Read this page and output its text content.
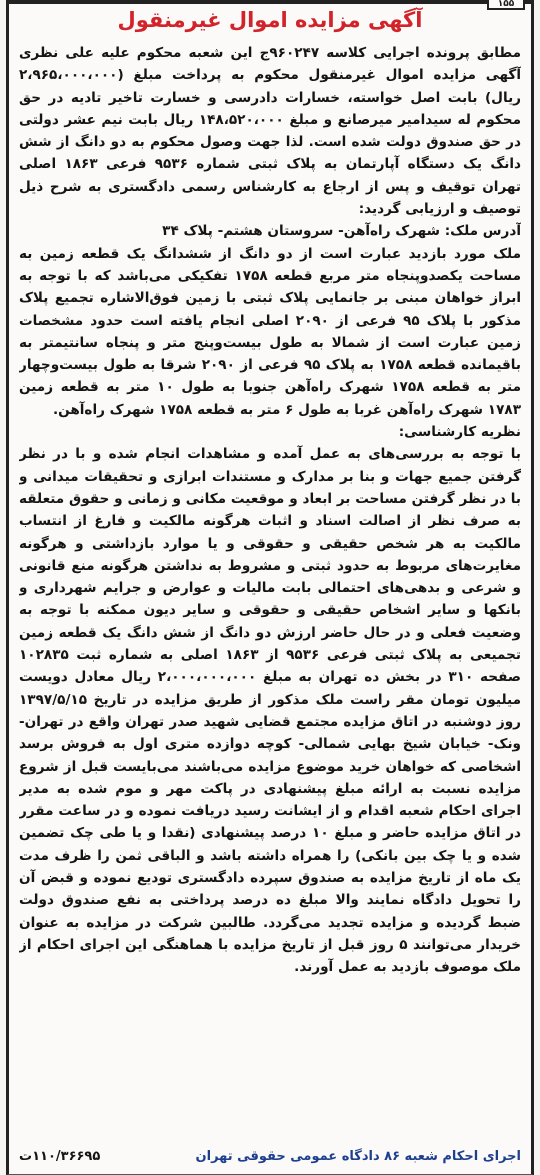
۱۵۵
آگهی مزایده اموال غیرمنقول

مطابق پرونده اجرایی کلاسه ۹۶۰۲۴۷ج این شعبه محکوم علیه علی نظری آگهی مزایده اموال غیرمنقول محکوم به پرداخت مبلغ (۲،۹۶۵،۰۰۰،۰۰۰ ریال) بابت اصل خواسته، خسارات دادرسی و خسارت تاخیر تادیه در حق محکوم له سیدامیر میرصانع و مبلغ ۱۴۸،۵۲۰،۰۰۰ ریال بابت نیم عشر دولتی در حق صندوق دولت شده است. لذا جهت وصول محکوم به دو دانگ از شش دانگ یک دستگاه آپارتمان به پلاک ثبتی شماره ۹۵۳۶ فرعی ۱۸۶۳ اصلی تهران توقیف و پس از ارجاع به کارشناس رسمی دادگستری به شرح ذیل توصیف و ارزیابی گردید:

آدرس ملک: شهرک راه‌آهن- سروستان هشتم- پلاک ۳۴

ملک مورد بازدید عبارت است از دو دانگ از ششدانگ یک قطعه زمین به مساحت یکصدوپنجاه متر مربع قطعه ۱۷۵۸ تفکیکی می‌باشد که با توجه به ابراز خواهان مبنی بر جانمایی پلاک ثبتی با زمین فوق‌الاشاره تجمیع پلاک مذکور با پلاک ۹۵ فرعی از ۲۰۹۰ اصلی انجام یافته است حدود مشخصات زمین عبارت است از شمالا به طول بیست‌وپنج متر و پنجاه سانتیمتر به باقیمانده قطعه ۱۷۵۸ به پلاک ۹۵ فرعی از ۲۰۹۰ شرقا به طول بیست‌وچهار متر به قطعه ۱۷۵۸ شهرک راه‌آهن جنوبا به طول ۱۰ متر به قطعه زمین ۱۷۸۳ شهرک راه‌آهن غربا به طول ۶ متر به قطعه ۱۷۵۸ شهرک راه‌آهن.

نظریه کارشناسی:

با توجه به بررسی‌های به عمل آمده و مشاهدات انجام شده و با در نظر گرفتن جمیع جهات و بنا بر مدارک و مستندات ابرازی و تحقیقات میدانی و با در نظر گرفتن مساحت بر ابعاد و موقعیت مکانی و زمانی و حقوق متعلقه به صرف نظر از اصالت اسناد و اثبات هرگونه مالکیت و فارغ از انتساب مالکیت به هر شخص حقیقی و حقوقی و یا موارد بازداشتی و هرگونه مغایرت‌های مربوط به حدود ثبتی و مشروط به نداشتن هرگونه منع قانونی و شرعی و بدهی‌های احتمالی بابت مالیات و عوارض و جرایم شهرداری و بانکها و سایر اشخاص حقیقی و حقوقی و سایر دیون ممکنه با توجه به وضعیت فعلی و در حال حاضر ارزش دو دانگ از شش دانگ یک قطعه زمین تجمیعی به پلاک ثبتی فرعی ۹۵۳۶ از ۱۸۶۳ اصلی به شماره ثبت ۱۰۲۸۳۵ صفحه ۳۱۰ در بخش ده تهران به مبلغ ۲،۰۰۰،۰۰۰،۰۰۰ ریال معادل دویست میلیون تومان مقر راست ملک مذکور از طریق مزایده در تاریخ ۱۳۹۷/۵/۱۵ روز دوشنبه در اتاق مزایده مجتمع قضایی شهید صدر تهران واقع در تهران- ونک- خیابان شیخ بهایی شمالی- کوچه دوازده متری اول به فروش برسد اشخاصی که خواهان خرید موضوع مزایده می‌باشند می‌بایست قبل از شروع مزایده نسبت به ارائه مبلغ پیشنهادی در پاکت مهر و موم شده به مدیر اجرای احکام شعبه اقدام و از ایشانت رسید دریافت نموده و در ساعت مقرر در اتاق مزایده حاضر و مبلغ ۱۰ درصد پیشنهادی (نقدا و یا طی چک تضمین شده و یا چک بین بانکی) را همراه داشته باشد و الباقی ثمن را ظرف مدت یک ماه از تاریخ مزایده به صندوق سپرده دادگستری تودیع نموده و قبض آن را تحویل دادگاه نمایند والا مبلغ ده درصد پرداختی به نفع صندوق دولت ضبط گردیده و مزایده تجدید می‌گردد. طالبین شرکت در مزایده به عنوان خریدار می‌توانند ۵ روز قبل از تاریخ مزایده با هماهنگی این اجرای احکام از ملک موصوف بازدید به عمل آورند.

اجرای احکام شعبه ۸۶ دادگاه عمومی حقوقی تهران
۱۱۰/۳۶۶۹۵ت
